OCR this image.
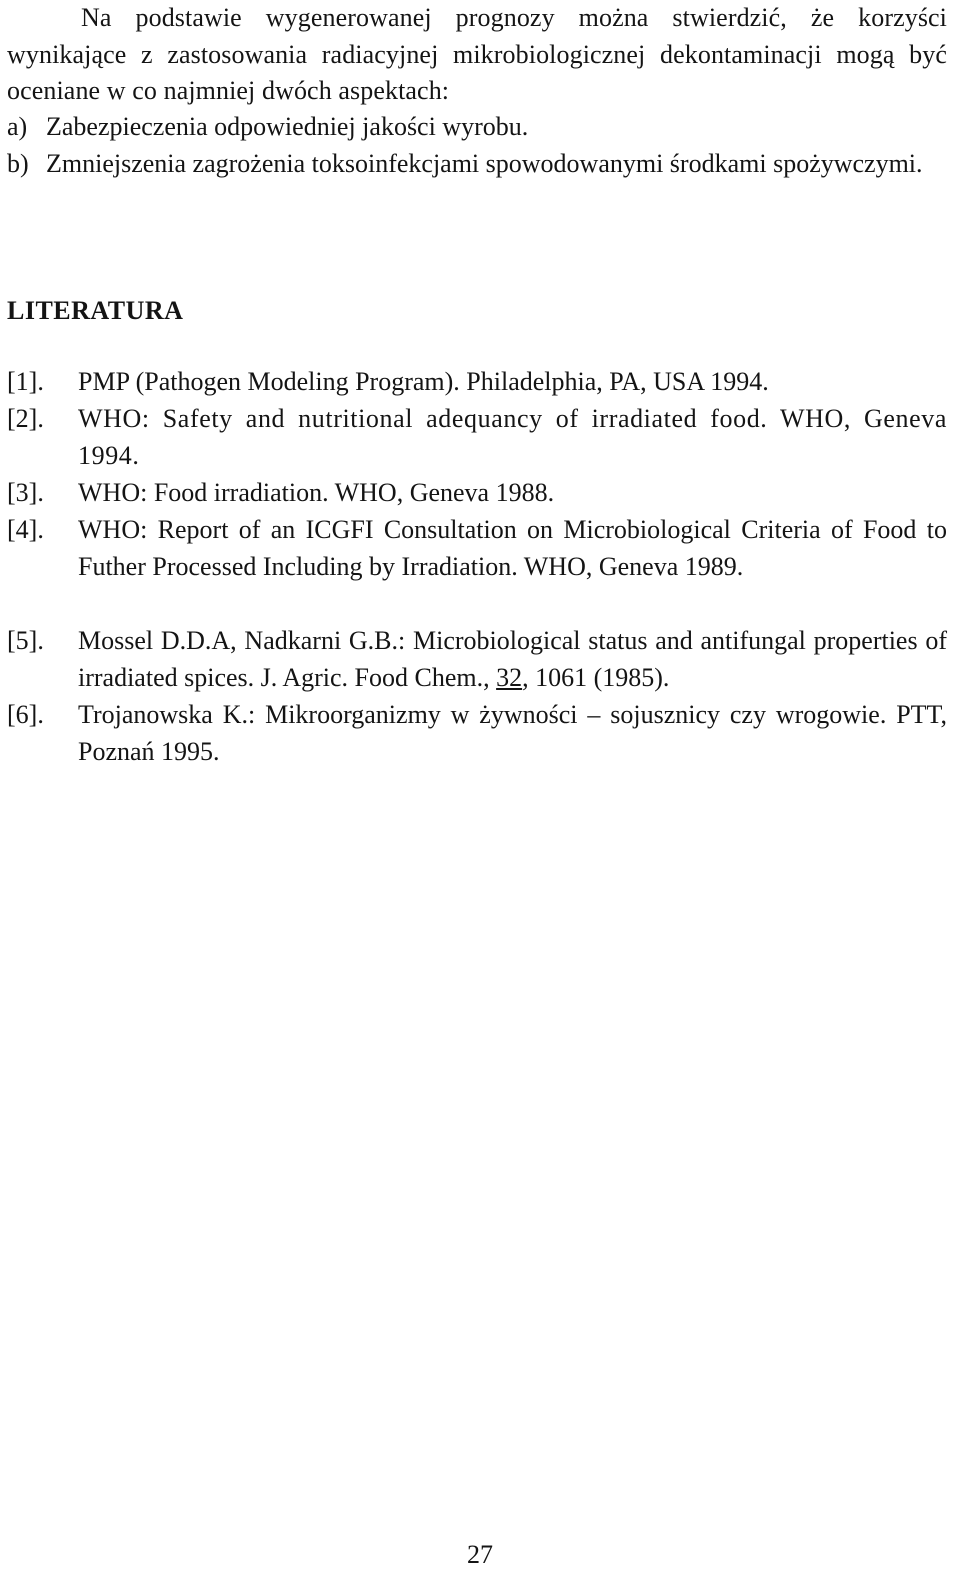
Na podstawie wygenerowanej prognozy można stwierdzić, że korzyści wynikające z zastosowania radiacyjnej mikrobiologicznej dekontaminacji mogą być oceniane w co najmniej dwóch aspektach:
a) Zabezpieczenia odpowiedniej jakości wyrobu.
b) Zmniejszenia zagrożenia toksoinfekcjami spowodowanymi środkami spożywczymi.
LITERATURA
[1].	PMP (Pathogen Modeling Program). Philadelphia, PA, USA 1994.
[2].	WHO: Safety and nutritional adequancy of irradiated food. WHO, Geneva 1994.
[3].	WHO: Food irradiation. WHO, Geneva 1988.
[4].	WHO: Report of an ICGFI Consultation on Microbiological Criteria of Food to Futher Processed Including by Irradiation. WHO, Geneva 1989.
[5].	Mossel D.D.A, Nadkarni G.B.: Microbiological status and antifungal properties of irradiated spices. J. Agric. Food Chem., 32, 1061 (1985).
[6].	Trojanowska K.: Mikroorganizmy w żywności – sojusznicy czy wrogowie. PTT, Poznań 1995.
27
